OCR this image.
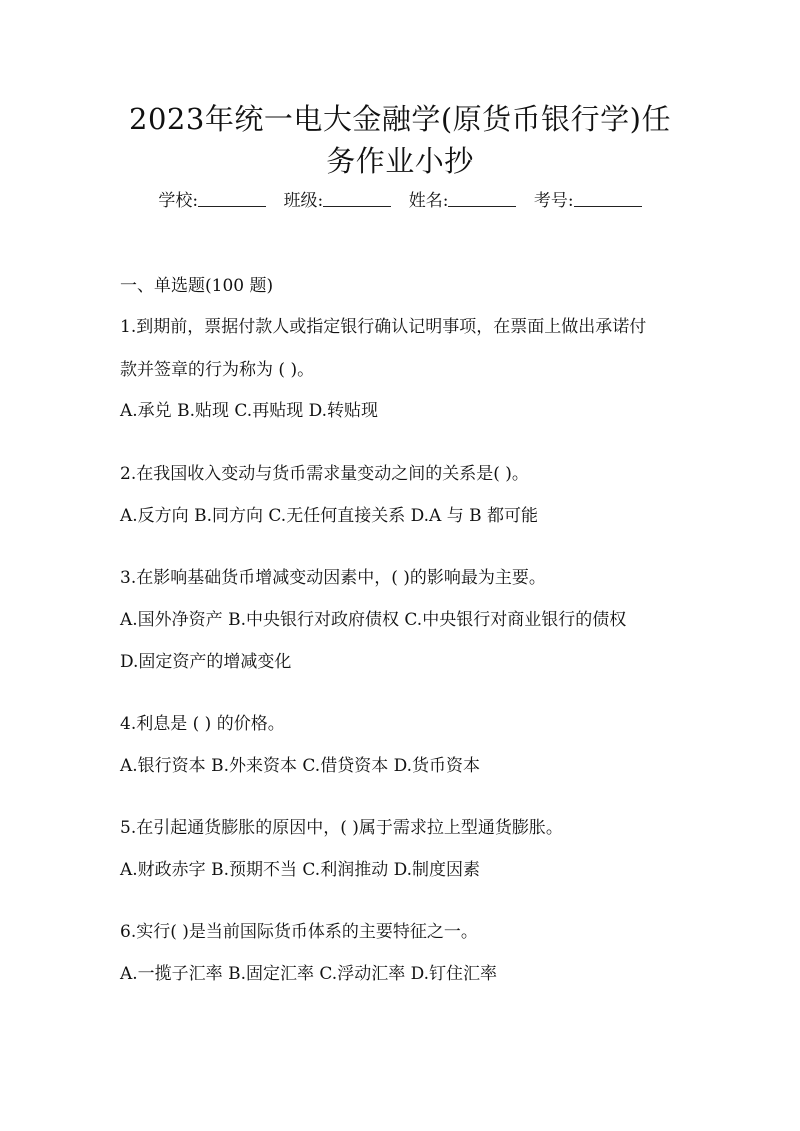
2023年统一电大金融学(原货币银行学)任
务作业小抄
学校:	班级:	姓名:	考号:
一、单选题(100 题)
1.到期前，票据付款人或指定银行确认记明事项，在票面上做出承诺付
款并签章的行为称为 ( )。
A.承兑 B.贴现 C.再贴现 D.转贴现
2.在我国收入变动与货币需求量变动之间的关系是( )。
A.反方向 B.同方向 C.无任何直接关系 D.A 与 B 都可能
3.在影响基础货币增减变动因素中，( )的影响最为主要。
A.国外净资产 B.中央银行对政府债权 C.中央银行对商业银行的债权
D.固定资产的增减变化
4.利息是 ( ) 的价格。
A.银行资本 B.外来资本 C.借贷资本 D.货币资本
5.在引起通货膨胀的原因中，( )属于需求拉上型通货膨胀。
A.财政赤字 B.预期不当 C.利润推动 D.制度因素
6.实行( )是当前国际货币体系的主要特征之一。
A.一揽子汇率 B.固定汇率 C.浮动汇率 D.钉住汇率
